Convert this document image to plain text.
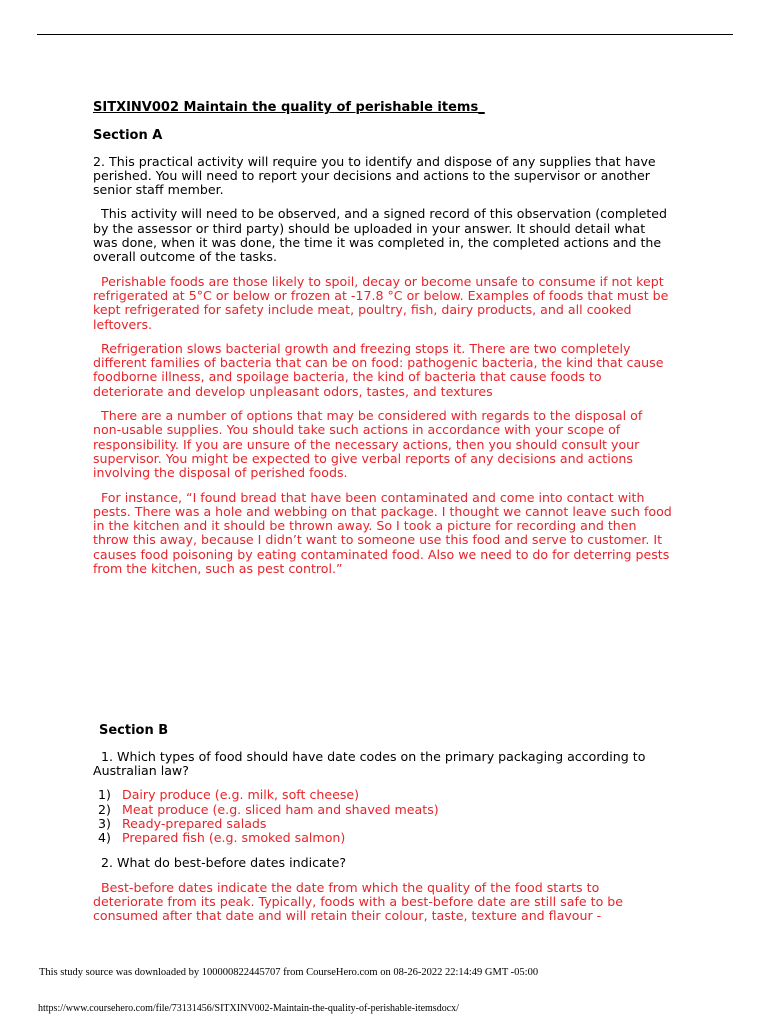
SITXINV002 Maintain the quality of perishable items_
Section A

2. This practical activity will require you to identify and dispose of any supplies that have perished. You will need to report your decisions and actions to the supervisor or another senior staff member.

This activity will need to be observed, and a signed record of this observation (completed by the assessor or third party) should be uploaded in your answer. It should detail what was done, when it was done, the time it was completed in, the completed actions and the overall outcome of the tasks.

Perishable foods are those likely to spoil, decay or become unsafe to consume if not kept refrigerated at 5°C or below or frozen at -17.8 °C or below. Examples of foods that must be kept refrigerated for safety include meat, poultry, fish, dairy products, and all cooked leftovers.

Refrigeration slows bacterial growth and freezing stops it. There are two completely different families of bacteria that can be on food: pathogenic bacteria, the kind that cause foodborne illness, and spoilage bacteria, the kind of bacteria that cause foods to deteriorate and develop unpleasant odors, tastes, and textures

There are a number of options that may be considered with regards to the disposal of non-usable supplies. You should take such actions in accordance with your scope of responsibility. If you are unsure of the necessary actions, then you should consult your supervisor. You might be expected to give verbal reports of any decisions and actions involving the disposal of perished foods.

For instance, “I found bread that have been contaminated and come into contact with pests. There was a hole and webbing on that package. I thought we cannot leave such food in the kitchen and it should be thrown away. So I took a picture for recording and then throw this away, because I didn’t want to someone use this food and serve to customer. It causes food poisoning by eating contaminated food. Also we need to do for deterring pests from the kitchen, such as pest control.”

Section B

1. Which types of food should have date codes on the primary packaging according to Australian law?

1) Dairy produce (e.g. milk, soft cheese)
2) Meat produce (e.g. sliced ham and shaved meats)
3) Ready-prepared salads
4) Prepared fish (e.g. smoked salmon)

2. What do best-before dates indicate?

Best-before dates indicate the date from which the quality of the food starts to deteriorate from its peak. Typically, foods with a best-before date are still safe to be consumed after that date and will retain their colour, taste, texture and flavour -

This study source was downloaded by 100000822445707 from CourseHero.com on 08-26-2022 22:14:49 GMT -05:00
https://www.coursehero.com/file/73131456/SITXINV002-Maintain-the-quality-of-perishable-itemsdocx/
